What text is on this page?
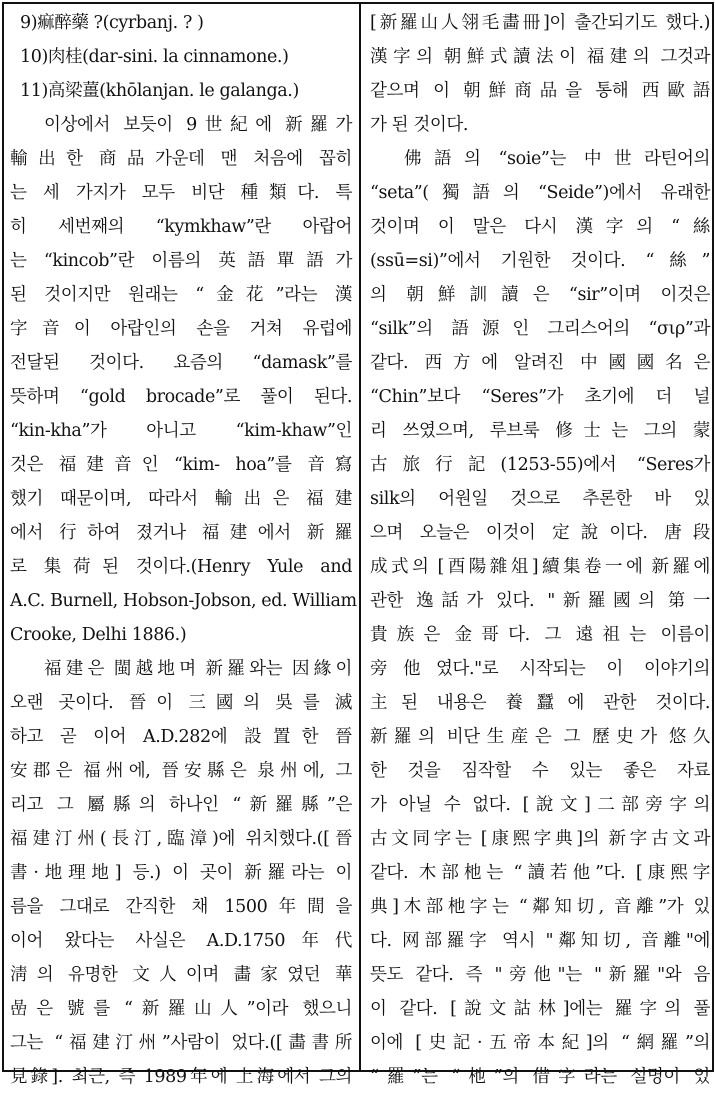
9)痲醉藥 ?(cyrbanj. ? )
10)肉桂(dar-sini. la cinnamone.)
11)高梁薑(khōlanjan. le galanga.)
이상에서 보듯이 9世紀에 新羅가
輸出한 商品가운데 맨 처음에 꼽히
는 세 가지가 모두 비단 種類다. 특
히 세번째의 “kymkhaw”란 아랍어
는 “kincob”란 이름의 英語單語가
된 것이지만 원래는 “金花”라는 漢
字音이 아랍인의 손을 거쳐 유럽에
전달된 것이다. 요즘의 “damask”를
뜻하며 “gold brocade”로 풀이 된다.
“kin-kha”가 아니고 “kim-khaw”인
것은 福建音인 “kim- hoa”를 音寫
했기 때문이며, 따라서 輸出은 福建
에서 行하여 졌거나 福建에서 新羅
로 集荷된 것이다.(Henry Yule and
A.C. Burnell, Hobson-Jobson, ed. William
Crooke, Delhi 1886.)
福建은 閩越地며 新羅와는 因緣이
오랜 곳이다. 晉이 三國의 吳를 滅
하고 곧 이어 A.D.282에 設置한 晉
安郡은 福州에, 晉安縣은 泉州에, 그
리고 그 屬縣의 하나인 “新羅縣”은
福建汀州(長汀,臨漳)에 위치했다.([晉
書·地理地] 등.) 이 곳이 新羅라는 이
름을 그대로 간직한 채 1500年間을
이어 왔다는 사실은 A.D.1750年代
淸의 유명한 文人이며 畵家였던 華
嵒은 號를 “新羅山人”이라 했으니
그는 “福建汀州”사람이 었다.([畵書所
見錄]. 최근, 즉 1989年에 上海에서 그의
[新羅山人翎毛畵冊]이 출간되기도 했다.)
漢字의 朝鮮式讀法이 福建의 그것과
같으며 이 朝鮮商品을 통해 西歐語
가 된 것이다.
佛語의 “soie”는 中世라틴어의
“seta”(獨語의 “Seide”)에서 유래한
것이며 이 말은 다시 漢字의 “絲
(ssū=si)”에서 기원한 것이다. “絲”
의 朝鮮訓讀은 “sir”이며 이것은
“silk”의 語源인 그리스어의 “σιρ”과
같다. 西方에 알려진 中國國名은
“Chin”보다 “Seres”가 초기에 더 널
리 쓰였으며, 루브룩 修士는 그의 蒙
古旅行記(1253-55)에서 “Seres가
silk의 어원일 것으로 추론한 바 있
으며 오늘은 이것이 定說이다. 唐段
成式의 [酉陽雜俎]續集卷一에 新羅에
관한 逸話가 있다. "新羅國의 第一
貴族은 金哥다. 그 遠祖는 이름이
旁他였다."로 시작되는 이 이야기의
主된 내용은 養蠶에 관한 것이다.
新羅의 비단生産은 그 歷史가 悠久
한 것을 짐작할 수 있는 좋은 자료
가 아닐 수 없다. [說文]二部旁字의
古文同字는 [康熙字典]의 新字古文과
같다. 木部杝는 “讀若他”다. [康熙字
典]木部杝字는 “鄰知切, 音離”가 있
다. 网部羅字 역시 "鄰知切, 音離"에
뜻도 같다. 즉 "旁他"는 "新羅"와 음
이 같다. [說文詁林]에는 羅字의 풀
이에 [史記·五帝本紀]의 “網羅”의
“羅”는 “杝”의 借字라는 설명이 있
